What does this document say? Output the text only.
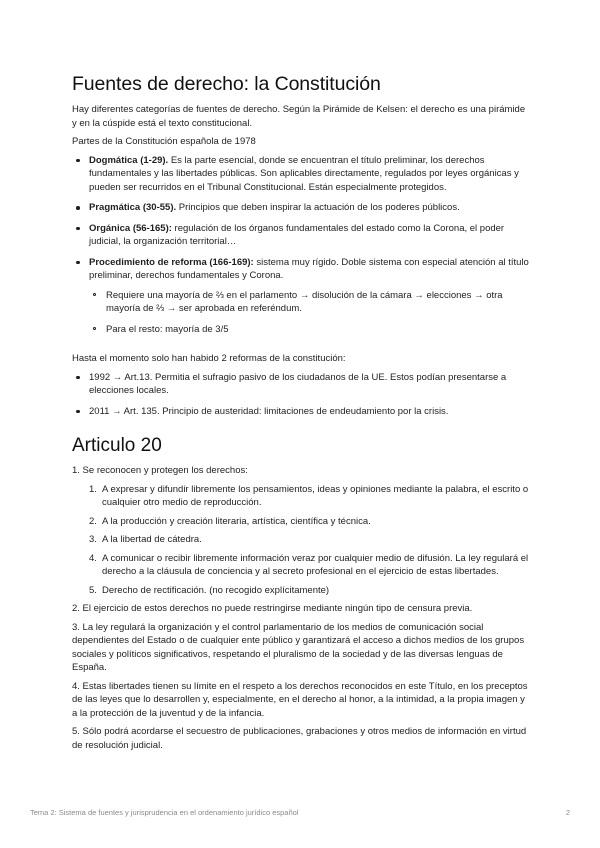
Fuentes de derecho: la Constitución

Hay diferentes categorías de fuentes de derecho. Según la Pirámide de Kelsen: el derecho es una pirámide y en la cúspide está el texto constitucional.

Partes de la Constitución española de 1978

Dogmática (1-29). Es la parte esencial, donde se encuentran el título preliminar, los derechos fundamentales y las libertades públicas. Son aplicables directamente, regulados por leyes orgánicas y pueden ser recurridos en el Tribunal Constitucional. Están especialmente protegidos.
Pragmática (30-55). Principios que deben inspirar la actuación de los poderes públicos.
Orgánica (56-165): regulación de los órganos fundamentales del estado como la Corona, el poder judicial, la organización territorial…
Procedimiento de reforma (166-169): sistema muy rígido. Doble sistema con especial atención al título preliminar, derechos fundamentales y Corona.
Requiere una mayoría de ⅔ en el parlamento → disolución de la cámara → elecciones → otra mayoría de ⅔ → ser aprobada en referéndum.
Para el resto: mayoría de 3/5

Hasta el momento solo han habido 2 reformas de la constitución:

1992 → Art.13. Permitia el sufragio pasivo de los ciudadanos de la UE. Estos podían presentarse a elecciones locales.
2011 → Art. 135. Principio de austeridad: limitaciones de endeudamiento por la crisis.
Articulo 20

1. Se reconocen y protegen los derechos:

1. A expresar y difundir libremente los pensamientos, ideas y opiniones mediante la palabra, el escrito o cualquier otro medio de reproducción.
2. A la producción y creación literaria, artística, científica y técnica.
3. A la libertad de cátedra.
4. A comunicar o recibir libremente información veraz por cualquier medio de difusión. La ley regulará el derecho a la cláusula de conciencia y al secreto profesional en el ejercicio de estas libertades.
5. Derecho de rectificación. (no recogido explícitamente)

2. El ejercicio de estos derechos no puede restringirse mediante ningún tipo de censura previa.

3. La ley regulará la organización y el control parlamentario de los medios de comunicación social dependientes del Estado o de cualquier ente público y garantizará el acceso a dichos medios de los grupos sociales y políticos significativos, respetando el pluralismo de la sociedad y de las diversas lenguas de España.

4. Estas libertades tienen su límite en el respeto a los derechos reconocidos en este Título, en los preceptos de las leyes que lo desarrollen y, especialmente, en el derecho al honor, a la intimidad, a la propia imagen y a la protección de la juventud y de la infancia.

5. Sólo podrá acordarse el secuestro de publicaciones, grabaciones y otros medios de información en virtud de resolución judicial.

Tema 2: Sistema de fuentes y jurisprudencia en el ordenamiento jurídico español	2
